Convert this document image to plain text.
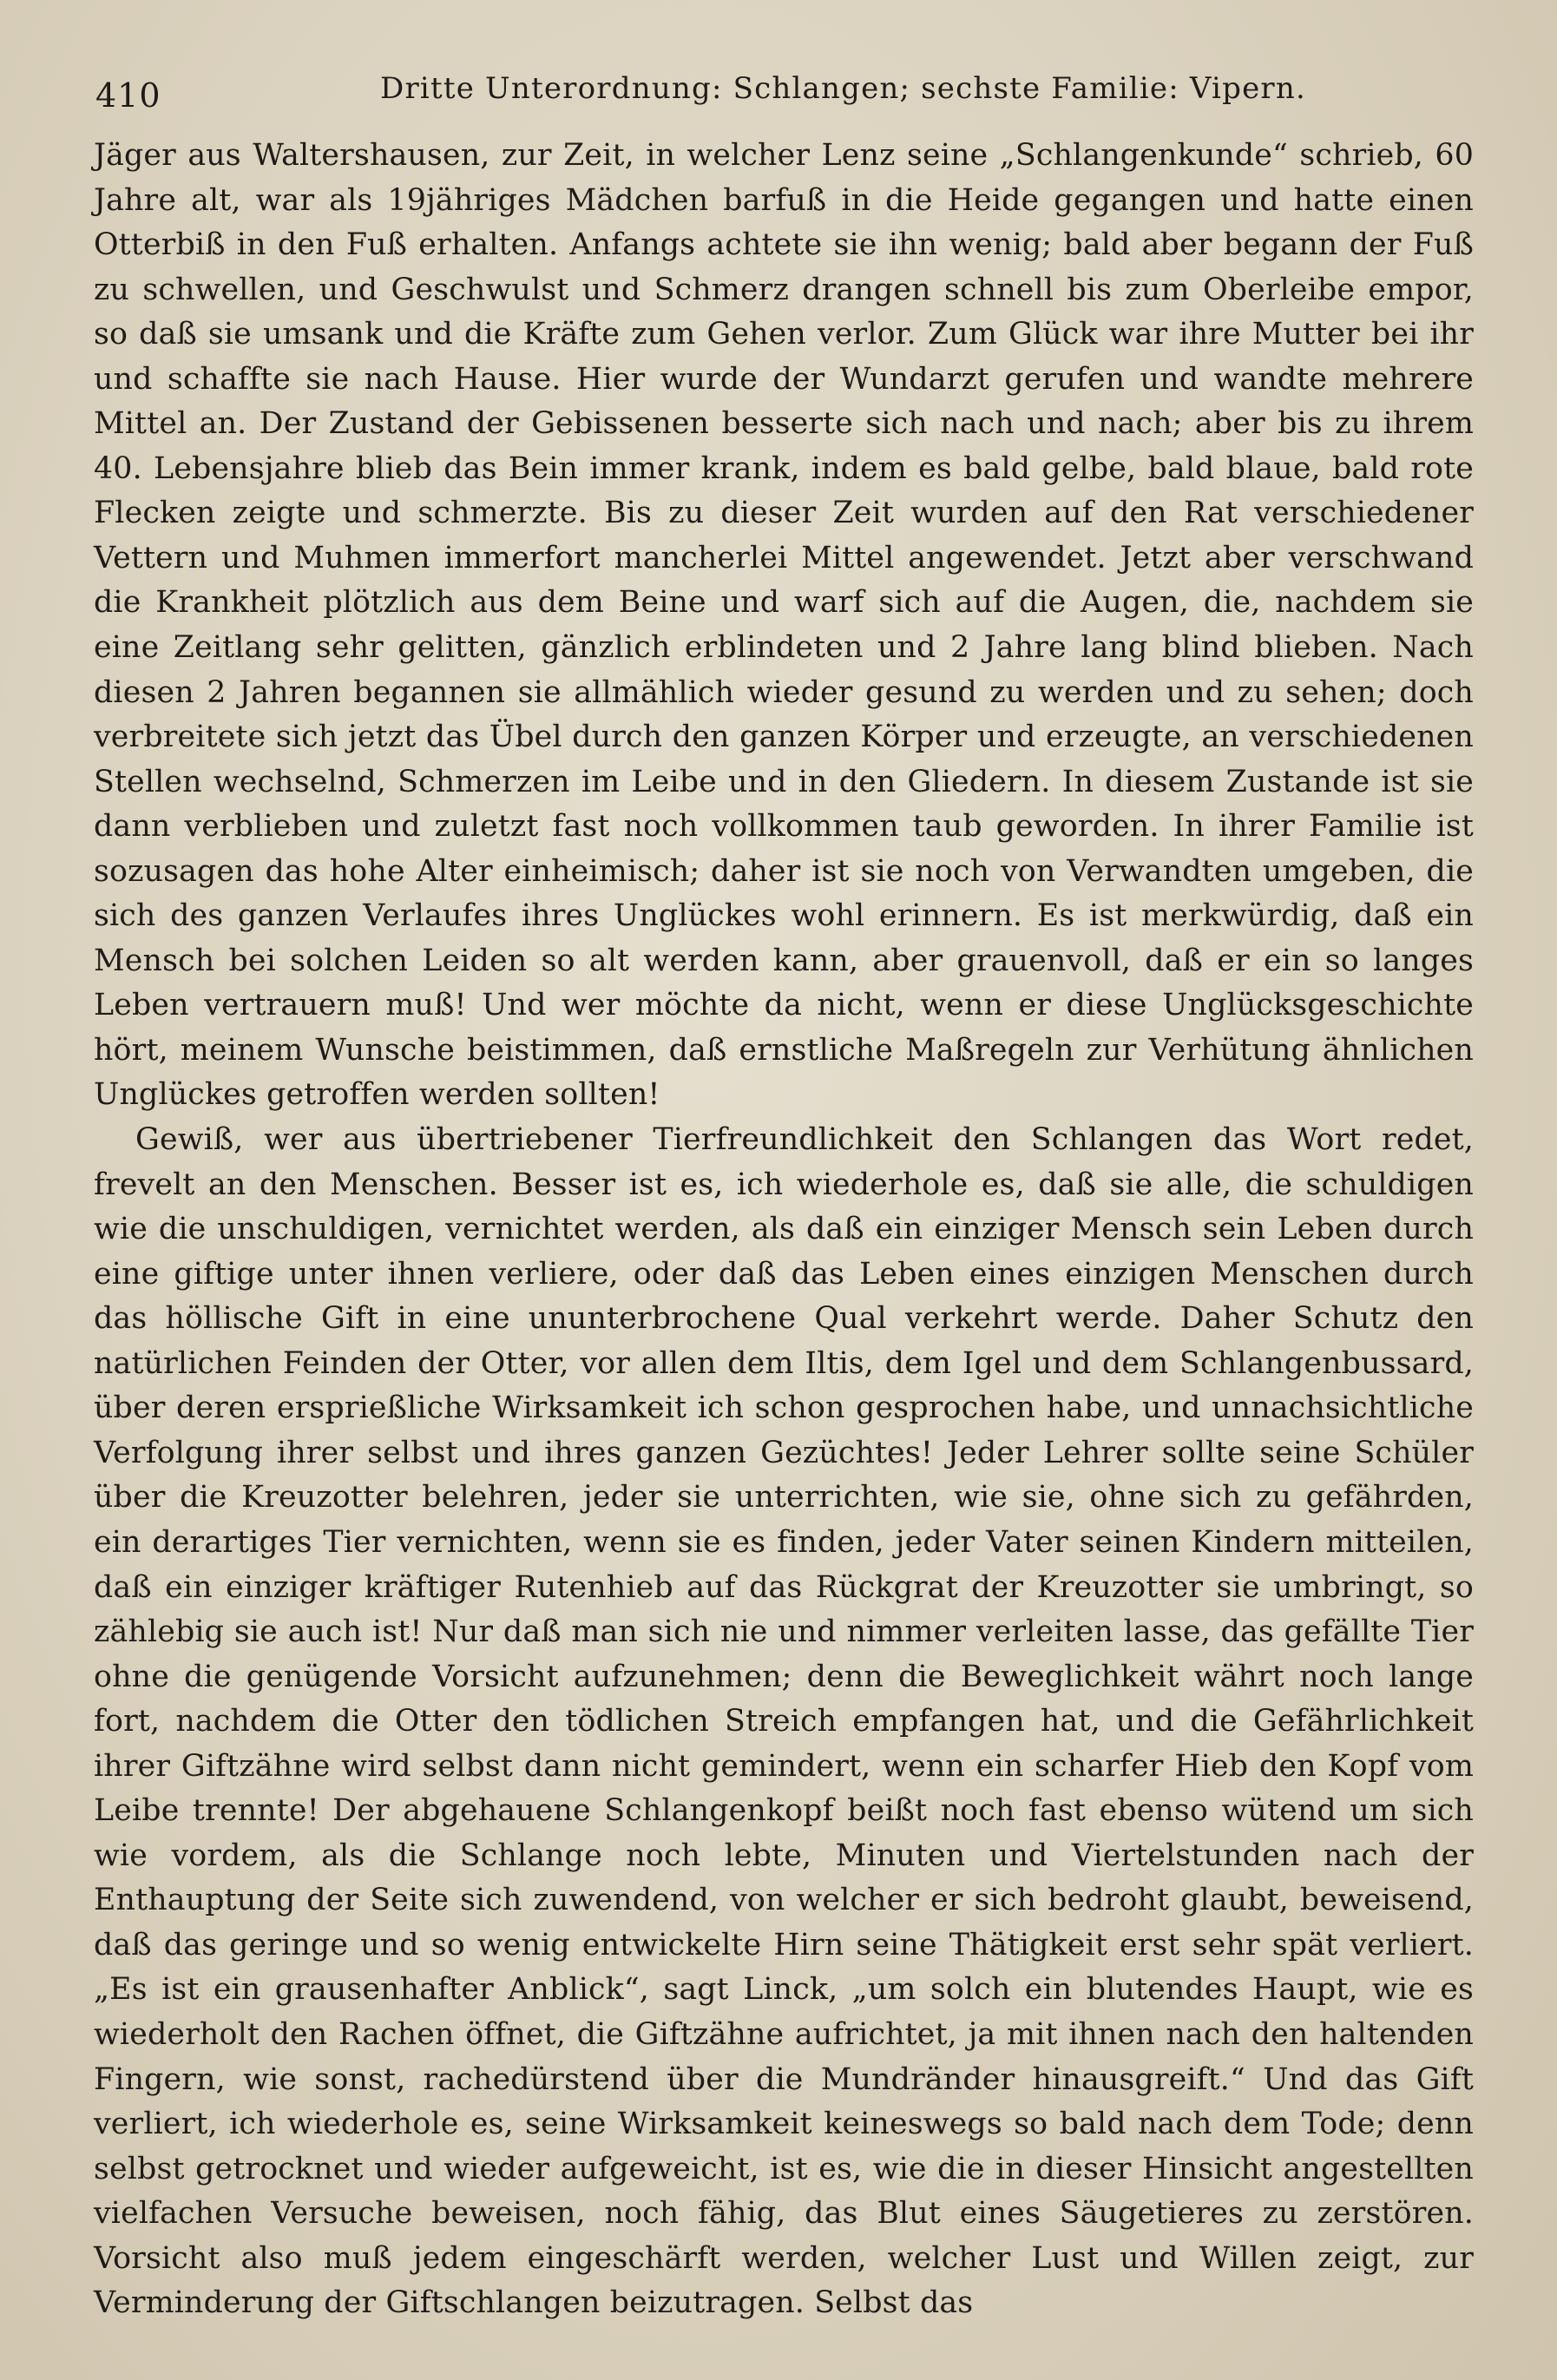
410	Dritte Unterordnung: Schlangen; sechste Familie: Vipern.

Jäger aus Waltershausen, zur Zeit, in welcher Lenz seine „Schlangenkunde“ schrieb, 60 Jahre alt, war als 19jähriges Mädchen barfuß in die Heide gegangen und hatte einen Otterbiß in den Fuß erhalten. Anfangs achtete sie ihn wenig; bald aber begann der Fuß zu schwellen, und Geschwulst und Schmerz drangen schnell bis zum Oberleibe empor, so daß sie umsank und die Kräfte zum Gehen verlor. Zum Glück war ihre Mutter bei ihr und schaffte sie nach Hause. Hier wurde der Wundarzt gerufen und wandte mehrere Mittel an. Der Zustand der Gebissenen besserte sich nach und nach; aber bis zu ihrem 40. Lebensjahre blieb das Bein immer krank, indem es bald gelbe, bald blaue, bald rote Flecken zeigte und schmerzte. Bis zu dieser Zeit wurden auf den Rat verschiedener Vettern und Muhmen immerfort mancherlei Mittel angewendet. Jetzt aber verschwand die Krankheit plötzlich aus dem Beine und warf sich auf die Augen, die, nachdem sie eine Zeitlang sehr gelitten, gänzlich erblindeten und 2 Jahre lang blind blieben. Nach diesen 2 Jahren begannen sie allmählich wieder gesund zu werden und zu sehen; doch verbreitete sich jetzt das Übel durch den ganzen Körper und erzeugte, an verschiedenen Stellen wechselnd, Schmerzen im Leibe und in den Gliedern. In diesem Zustande ist sie dann verblieben und zuletzt fast noch vollkommen taub geworden. In ihrer Familie ist sozusagen das hohe Alter einheimisch; daher ist sie noch von Verwandten umgeben, die sich des ganzen Verlaufes ihres Unglückes wohl erinnern. Es ist merkwürdig, daß ein Mensch bei solchen Leiden so alt werden kann, aber grauenvoll, daß er ein so langes Leben vertrauern muß! Und wer möchte da nicht, wenn er diese Unglücksgeschichte hört, meinem Wunsche beistimmen, daß ernstliche Maßregeln zur Verhütung ähnlichen Unglückes getroffen werden sollten!

Gewiß, wer aus übertriebener Tierfreundlichkeit den Schlangen das Wort redet, frevelt an den Menschen. Besser ist es, ich wiederhole es, daß sie alle, die schuldigen wie die unschuldigen, vernichtet werden, als daß ein einziger Mensch sein Leben durch eine giftige unter ihnen verliere, oder daß das Leben eines einzigen Menschen durch das höllische Gift in eine ununterbrochene Qual verkehrt werde. Daher Schutz den natürlichen Feinden der Otter, vor allen dem Iltis, dem Igel und dem Schlangenbussard, über deren ersprießliche Wirksamkeit ich schon gesprochen habe, und unnachsichtliche Verfolgung ihrer selbst und ihres ganzen Gezüchtes! Jeder Lehrer sollte seine Schüler über die Kreuzotter belehren, jeder sie unterrichten, wie sie, ohne sich zu gefährden, ein derartiges Tier vernichten, wenn sie es finden, jeder Vater seinen Kindern mitteilen, daß ein einziger kräftiger Rutenhieb auf das Rückgrat der Kreuzotter sie umbringt, so zählebig sie auch ist! Nur daß man sich nie und nimmer verleiten lasse, das gefällte Tier ohne die genügende Vorsicht aufzunehmen; denn die Beweglichkeit währt noch lange fort, nachdem die Otter den tödlichen Streich empfangen hat, und die Gefährlichkeit ihrer Giftzähne wird selbst dann nicht gemindert, wenn ein scharfer Hieb den Kopf vom Leibe trennte! Der abgehauene Schlangenkopf beißt noch fast ebenso wütend um sich wie vordem, als die Schlange noch lebte, Minuten und Viertelstunden nach der Enthauptung der Seite sich zuwendend, von welcher er sich bedroht glaubt, beweisend, daß das geringe und so wenig entwickelte Hirn seine Thätigkeit erst sehr spät verliert. „Es ist ein grausenhafter Anblick“, sagt Linck, „um solch ein blutendes Haupt, wie es wiederholt den Rachen öffnet, die Giftzähne aufrichtet, ja mit ihnen nach den haltenden Fingern, wie sonst, rachedürstend über die Mundränder hinausgreift.“ Und das Gift verliert, ich wiederhole es, seine Wirksamkeit keineswegs so bald nach dem Tode; denn selbst getrocknet und wieder aufgeweicht, ist es, wie die in dieser Hinsicht angestellten vielfachen Versuche beweisen, noch fähig, das Blut eines Säugetieres zu zerstören. Vorsicht also muß jedem eingeschärft werden, welcher Lust und Willen zeigt, zur Verminderung der Giftschlangen beizutragen. Selbst das
